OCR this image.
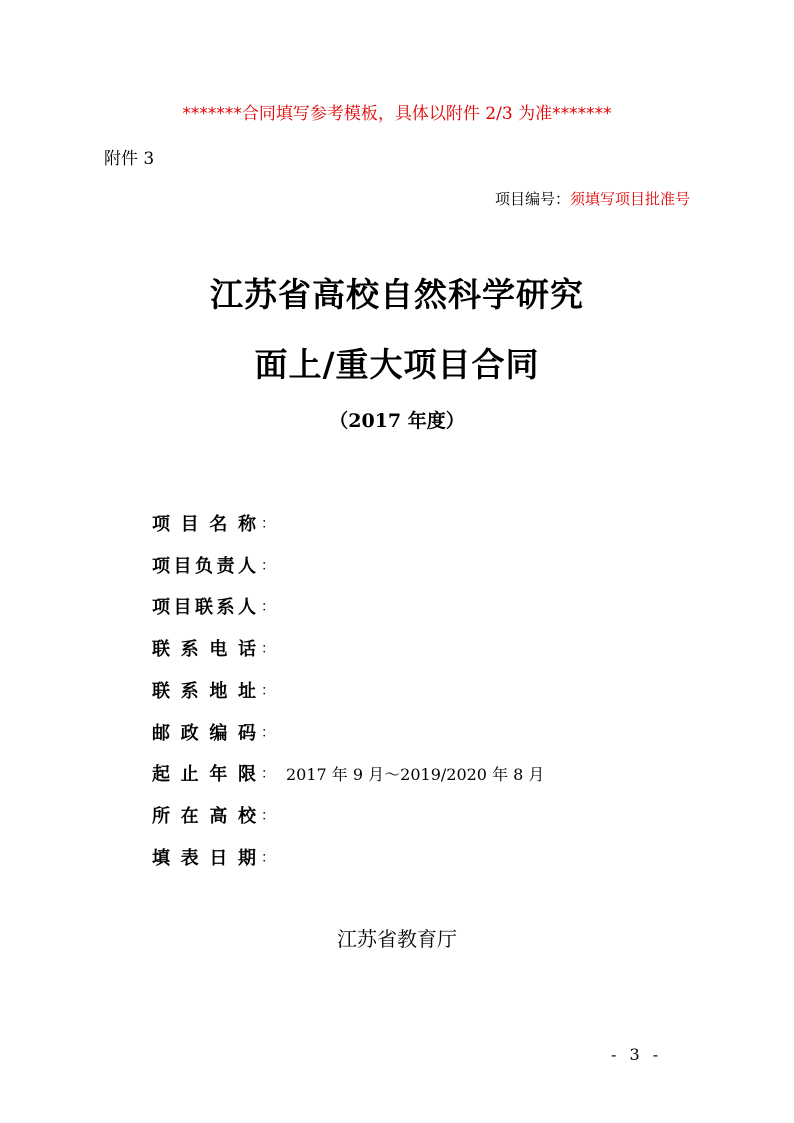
*******合同填写参考模板，具体以附件 2/3 为准*******
附件 3
项目编号：须填写项目批准号
江苏省高校自然科学研究
面上/重大项目合同
（2017 年度）
项 目 名 称 ：
项 目 负 责 人 ：
项 目 联 系 人 ：
联 系 电 话 ：
联 系 地 址 ：
邮 政 编 码 ：
起 止 年 限 ： 2017 年 9 月～2019/2020 年 8 月
所 在 高 校 ：
填 表 日 期 ：
江苏省教育厅
- 3 -
